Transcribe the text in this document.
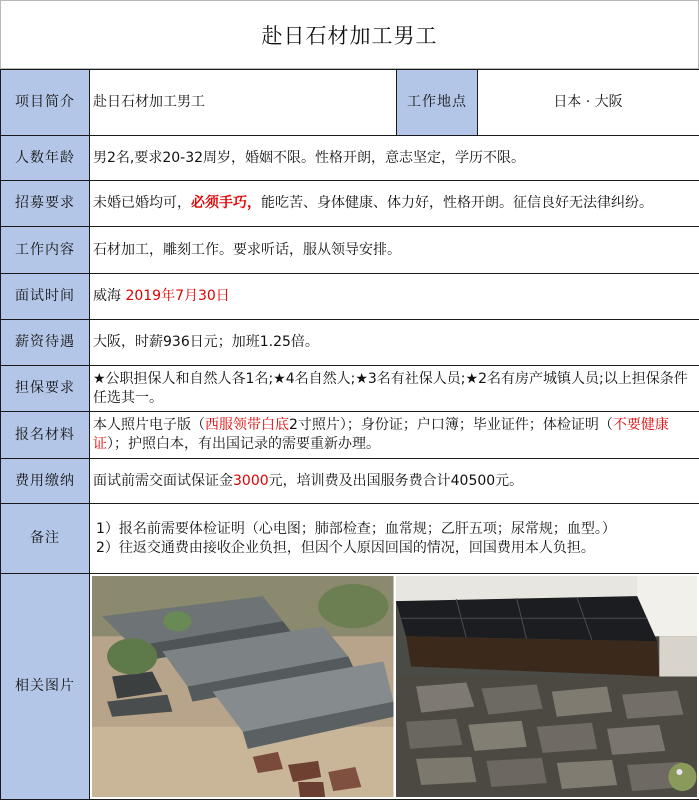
赴日石材加工男工
项目简介	赴日石材加工男工	工作地点	日本 · 大阪
人数年龄	男2名,要求20-32周岁，婚姻不限。性格开朗，意志坚定，学历不限。		
招募要求	未婚已婚均可，必须手巧，能吃苦、身体健康、体力好，性格开朗。征信良好无法律纠纷。		
工作内容	石材加工，雕刻工作。要求听话，服从领导安排。		
面试时间	威海 2019年7月30日		
薪资待遇	大阪，时薪936日元；加班1.25倍。		
担保要求	★公职担保人和自然人各1名;★4名自然人;★3名有社保人员;★2名有房产城镇人员;以上担保条件任选其一。		
报名材料	本人照片电子版（西服领带白底2寸照片）；身份证；户口簿；毕业证件；体检证明（不要健康证）；护照白本，有出国记录的需要重新办理。		
费用缴纳	面试前需交面试保证金3000元，培训费及出国服务费合计40500元。		
备注	1）报名前需要体检证明（心电图；肺部检查；血常规；乙肝五项；尿常规；血型。）
2）往返交通费由接收企业负担，但因个人原因回国的情况，回国费用本人负担。		

相关图片	
